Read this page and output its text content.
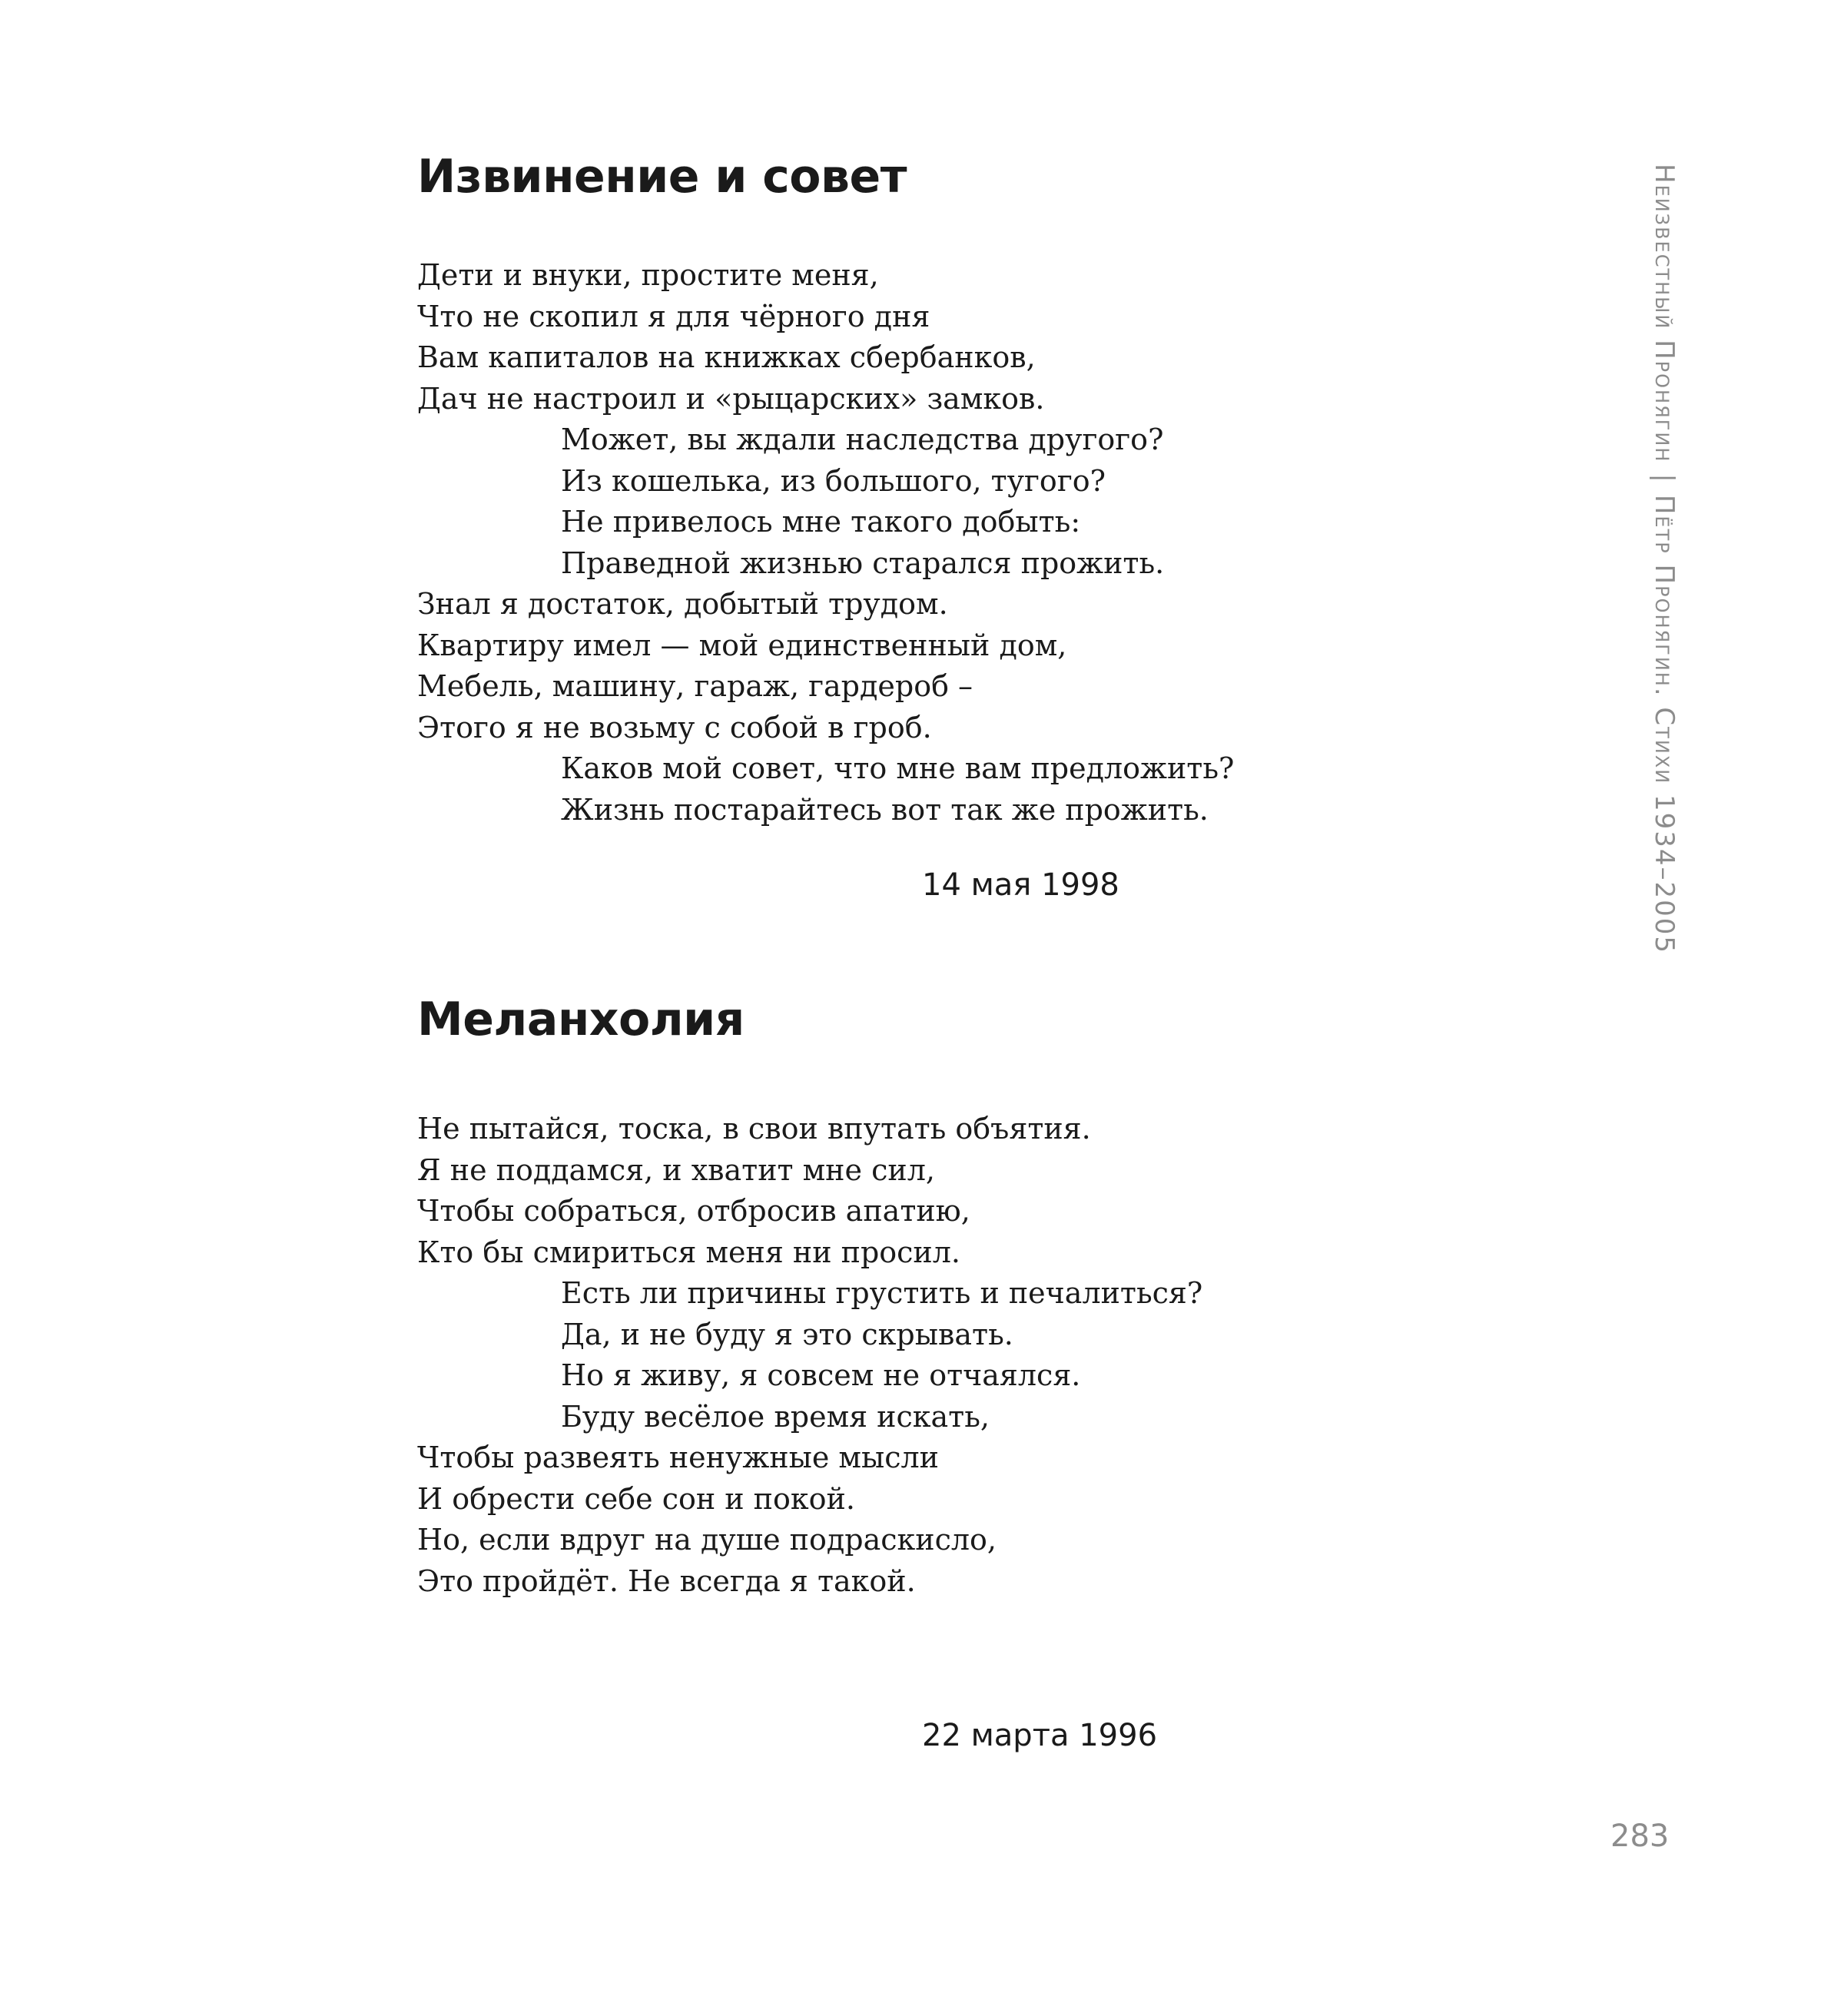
Извинение и совет
Дети и внуки, простите меня,
Что не скопил я для чёрного дня
Вам капиталов на книжках сбербанков,
Дач не настроил и «рыцарских» замков.
Может, вы ждали наследства другого?
Из кошелька, из большого, тугого?
Не привелось мне такого добыть:
Праведной жизнью старался прожить.
Знал я достаток, добытый трудом.
Квартиру имел — мой единственный дом,
Мебель, машину, гараж, гардероб –
Этого я не возьму с собой в гроб.
Каков мой совет, что мне вам предложить?
Жизнь постарайтесь вот так же прожить.
14 мая 1998
Меланхолия
Не пытайся, тоска, в свои впутать объятия.
Я не поддамся, и хватит мне сил,
Чтобы собраться, отбросив апатию,
Кто бы смириться меня ни просил.
Есть ли причины грустить и печалиться?
Да, и не буду я это скрывать.
Но я живу, я совсем не отчаялся.
Буду весёлое время искать,
Чтобы развеять ненужные мысли
И обрести себе сон и покой.
Но, если вдруг на душе подраскисло,
Это пройдёт. Не всегда я такой.
22 марта 1996
Неизвестный Пронягин|Пётр Пронягин. Стихи 1934–2005
283
